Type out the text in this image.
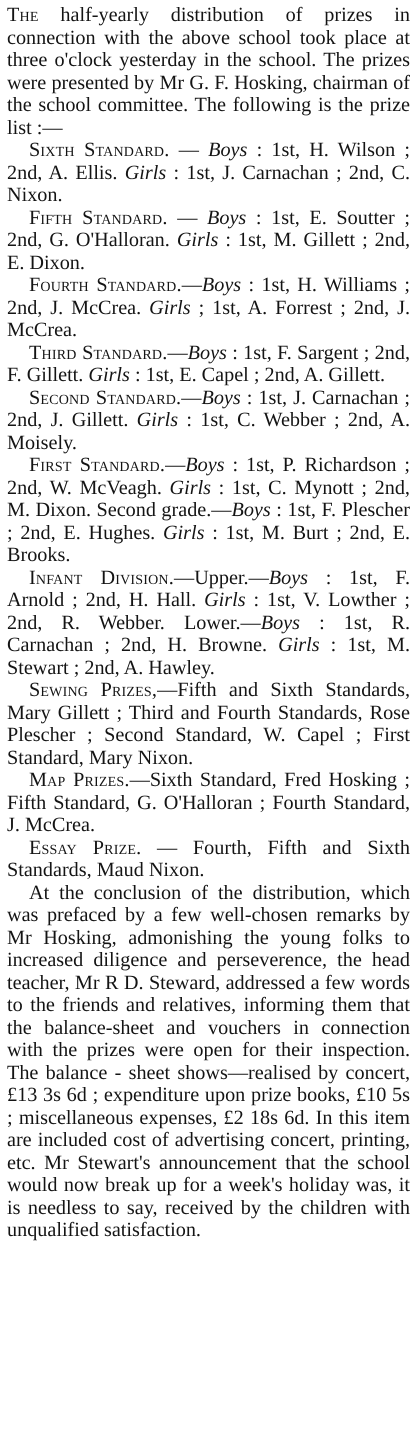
The half-yearly distribution of prizes in connection with the above school took place at three o'clock yesterday in the school. The prizes were presented by Mr G. F. Hosking, chairman of the school committee. The following is the prize list :—

Sixth Standard. — Boys : 1st, H. Wilson ; 2nd, A. Ellis. Girls : 1st, J. Carnachan ; 2nd, C. Nixon.

Fifth Standard. — Boys : 1st, E. Soutter ; 2nd, G. O'Halloran. Girls : 1st, M. Gillett ; 2nd, E. Dixon.

Fourth Standard.—Boys : 1st, H. Williams ; 2nd, J. McCrea. Girls ; 1st, A. Forrest ; 2nd, J. McCrea.

Third Standard.—Boys : 1st, F. Sargent ; 2nd, F. Gillett. Girls : 1st, E. Capel ; 2nd, A. Gillett.

Second Standard.—Boys : 1st, J. Carnachan ; 2nd, J. Gillett. Girls : 1st, C. Webber ; 2nd, A. Moisely.

First Standard.—Boys : 1st, P. Richardson ; 2nd, W. McVeagh. Girls : 1st, C. Mynott ; 2nd, M. Dixon. Second grade.—Boys : 1st, F. Plescher ; 2nd, E. Hughes. Girls : 1st, M. Burt ; 2nd, E. Brooks.

Infant Division.—Upper.—Boys : 1st, F. Arnold ; 2nd, H. Hall. Girls : 1st, V. Lowther ; 2nd, R. Webber. Lower.—Boys : 1st, R. Carnachan ; 2nd, H. Browne. Girls : 1st, M. Stewart ; 2nd, A. Hawley.

Sewing Prizes,—Fifth and Sixth Standards, Mary Gillett ; Third and Fourth Standards, Rose Plescher ; Second Standard, W. Capel ; First Standard, Mary Nixon.

Map Prizes.—Sixth Standard, Fred Hosking ; Fifth Standard, G. O'Halloran ; Fourth Standard, J. McCrea.

Essay Prize. — Fourth, Fifth and Sixth Standards, Maud Nixon.

At the conclusion of the distribution, which was prefaced by a few well-chosen remarks by Mr Hosking, admonishing the young folks to increased diligence and perseverence, the head teacher, Mr R D. Steward, addressed a few words to the friends and relatives, informing them that the balance-sheet and vouchers in connection with the prizes were open for their inspection. The balance - sheet shows—realised by concert, £13 3s 6d ; expenditure upon prize books, £10 5s ; miscellaneous expenses, £2 18s 6d. In this item are included cost of advertising concert, printing, etc. Mr Stewart's announcement that the school would now break up for a week's holiday was, it is needless to say, received by the children with unqualified satisfaction.
